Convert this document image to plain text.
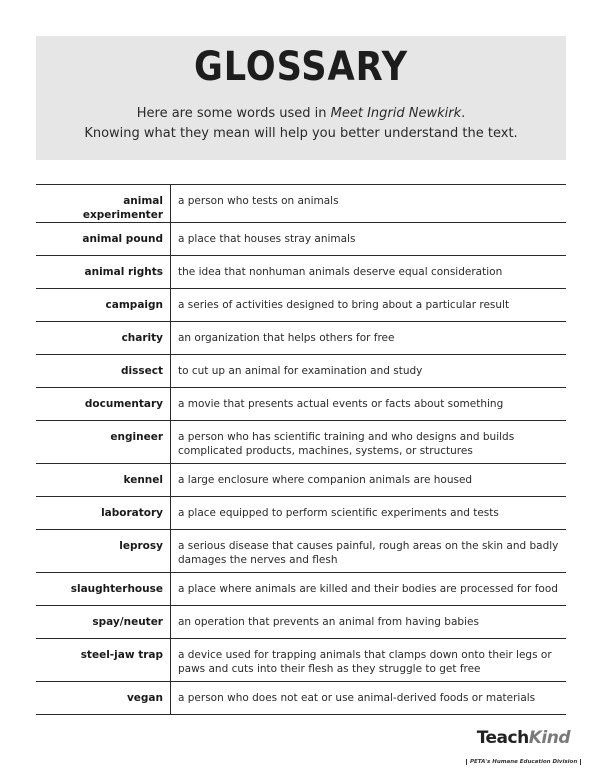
GLOSSARY
Here are some words used in Meet Ingrid Newkirk.
Knowing what they mean will help you better understand the text.
animal experimenter	a person who tests on animals
animal pound	a place that houses stray animals
animal rights	the idea that nonhuman animals deserve equal consideration
campaign	a series of activities designed to bring about a particular result
charity	an organization that helps others for free
dissect	to cut up an animal for examination and study
documentary	a movie that presents actual events or facts about something
engineer	a person who has scientific training and who designs and builds complicated products, machines, systems, or structures
kennel	a large enclosure where companion animals are housed
laboratory	a place equipped to perform scientific experiments and tests
leprosy	a serious disease that causes painful, rough areas on the skin and badly damages the nerves and flesh
slaughterhouse	a place where animals are killed and their bodies are processed for food
spay/neuter	an operation that prevents an animal from having babies
steel-jaw trap	a device used for trapping animals that clamps down onto their legs or paws and cuts into their flesh as they struggle to get free
vegan	a person who does not eat or use animal-derived foods or materials
TeachKind
PETA's Humane Education Division
